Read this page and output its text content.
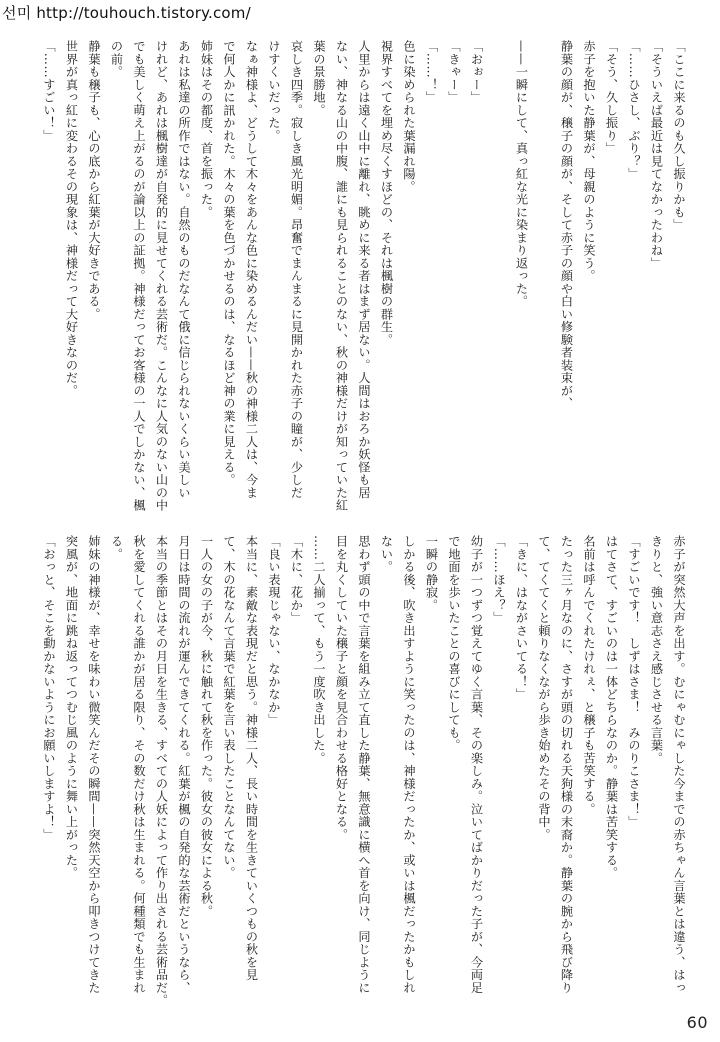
선미 http://touhouch.tistory.com/
「ここに来るのも久し振りかも」
「そういえば最近は見てなかったわね」
「……ひさし、ぶり？」
「そう、久し振り」
赤子を抱いた静葉が、母親のように笑う。
静葉の顔が、穣子の顔が、そして赤子の顔や白い修験者装束が、

——一瞬にして、真っ紅な光に染まり返った。

「おぉー」
「きゃー」
「……！」
色に染められた葉漏れ陽。
視界すべてを埋め尽くすほどの、それは楓樹の群生。
人里からは遠く山中に離れ、眺めに来る者はまず居ない。人間はおろか妖怪も居
ない、神なる山の中腹、誰にも見られることのない、秋の神様だけが知っていた紅
葉の景勝地。
哀しき四季。寂しき風光明媚。昂奮でまんまるに見開かれた赤子の瞳が、少しだ
けすくいだった。
なぁ神様よ、どうして木々をあんな色に染めるんだい——秋の神様二人は、今ま
で何人かに訊かれた。木々の葉を色づかせるのは、なるほど神の業に見える。
姉妹はその都度、首を振った。
あれは私達の所作ではない。自然のものだなんて俄に信じられないくらい美しい
けれど、あれは楓樹達が自発的に見せてくれる芸術だ。こんなに人気のない山の中
でも美しく萌え上がるのが論以上の証拠。神様だってお客様の一人でしかない、楓
の前。
静葉も穣子も、心の底から紅葉が大好きである。
世界が真っ紅に変わるその現象は、神様だって大好きなのだ。
「……すごい！」
赤子が突然大声を出す。むにゃむにゃした今までの赤ちゃん言葉とは違う、はっ
きりと、強い意志さえ感じさせる言葉。
「すごいです！　しずはさま！　みのりこさま！」
はてさて、すごいのは一体どちらなのか。静葉は苦笑する。
名前は呼んでくれたけれぇ、と穣子も苦笑する。
たった三ヶ月なのに、さすが頭の切れる天狗様の末裔か。静葉の腕から飛び降り
て、てくてくと頼りなくながら歩き始めたその背中。
「きに、はながさいてる！」
「……ほえ？」
幼子が一つずつ覚えてゆく言葉、その楽しみ。泣いてばかりだった子が、今両足
で地面を歩いたことの喜びにしても。
一瞬の静寂。
しかる後、吹き出すように笑ったのは、神様だったか、或いは楓だったかもしれ
ない。
思わず頭の中で言葉を組み立て直した静葉、無意識に横へ首を向け、同じように
目を丸くしていた穣子と顔を見合わせる格好となる。
……二人揃って、もう一度吹き出した。
「木に、花か」
「良い表現じゃない、なかなか」
本当に、素敵な表現だと思う。神様二人、長い時間を生きていくつもの秋を見
て、木の花なんて言葉で紅葉を言い表したことなんてない。
一人の女の子が今、秋に触れて秋を作った。彼女の彼女による秋。
月日は時間の流れが運んできてくれる。紅葉が楓の自発的な芸術だというなら、
本当の季節とはその月日を生きる、すべての人妖によって作り出される芸術品だ。
秋を愛してくれる誰かが居る限り、その数だけ秋は生まれる。何種類でも生まれ
る。
姉妹の神様が、幸せを味わい微笑んだその瞬間——突然天空から叩きつけてきた
突風が、地面に跳ね返ってつむじ風のように舞い上がった。
「おっと、そこを動かないようにお願いしますよ！」
60
